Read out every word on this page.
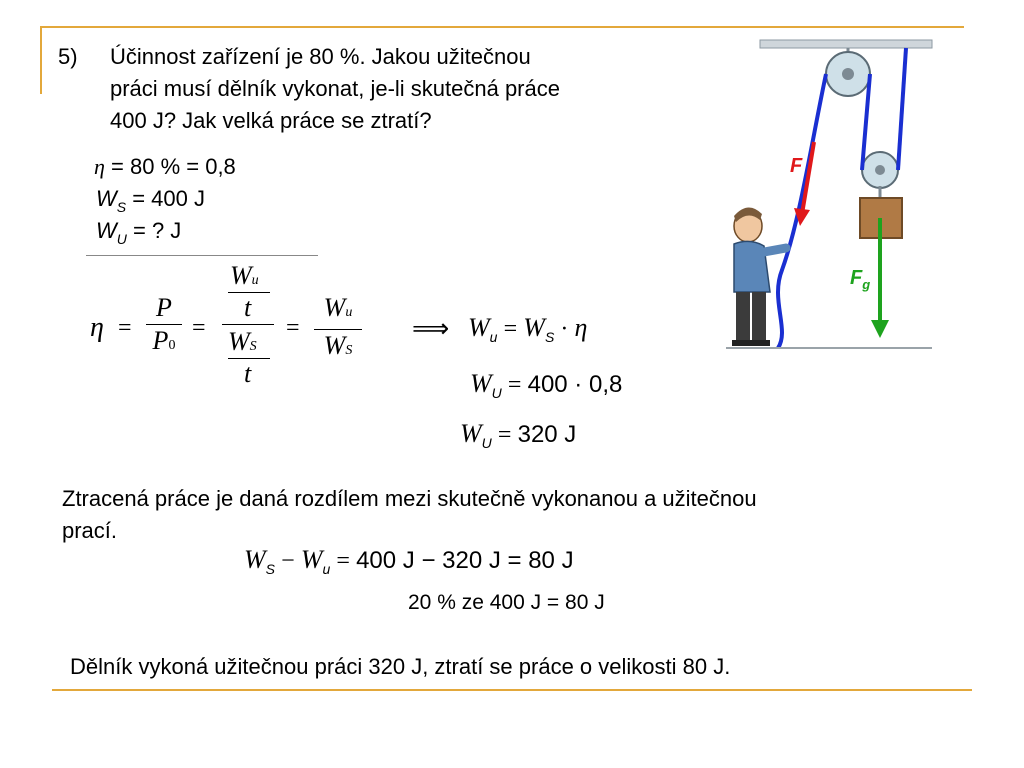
5) Účinnost zařízení je 80 %. Jakou užitečnou
práci musí dělník vykonat, je-li skutečná práce
400 J? Jak velká práce se ztratí?
η = 80 % = 0,8
$W_S = 400$ J
$W_U$ = ? J
η =
P
P0
=
Wu
t
WS
t
=
Wu
WS
⟹ $W_u = W_S \cdot \eta$
$W_U = 400 \cdot 0,8$
$W_U = 320$ J
Ztracená práce je daná rozdílem mezi skutečně vykonanou a užitečnou
prací.
$W_S - W_u = 400$ J − 320 J = 80 J
20 % ze 400 J = 80 J
Dělník vykoná užitečnou práci 320 J, ztratí se práce o velikosti 80 J.
F
$F_g$
